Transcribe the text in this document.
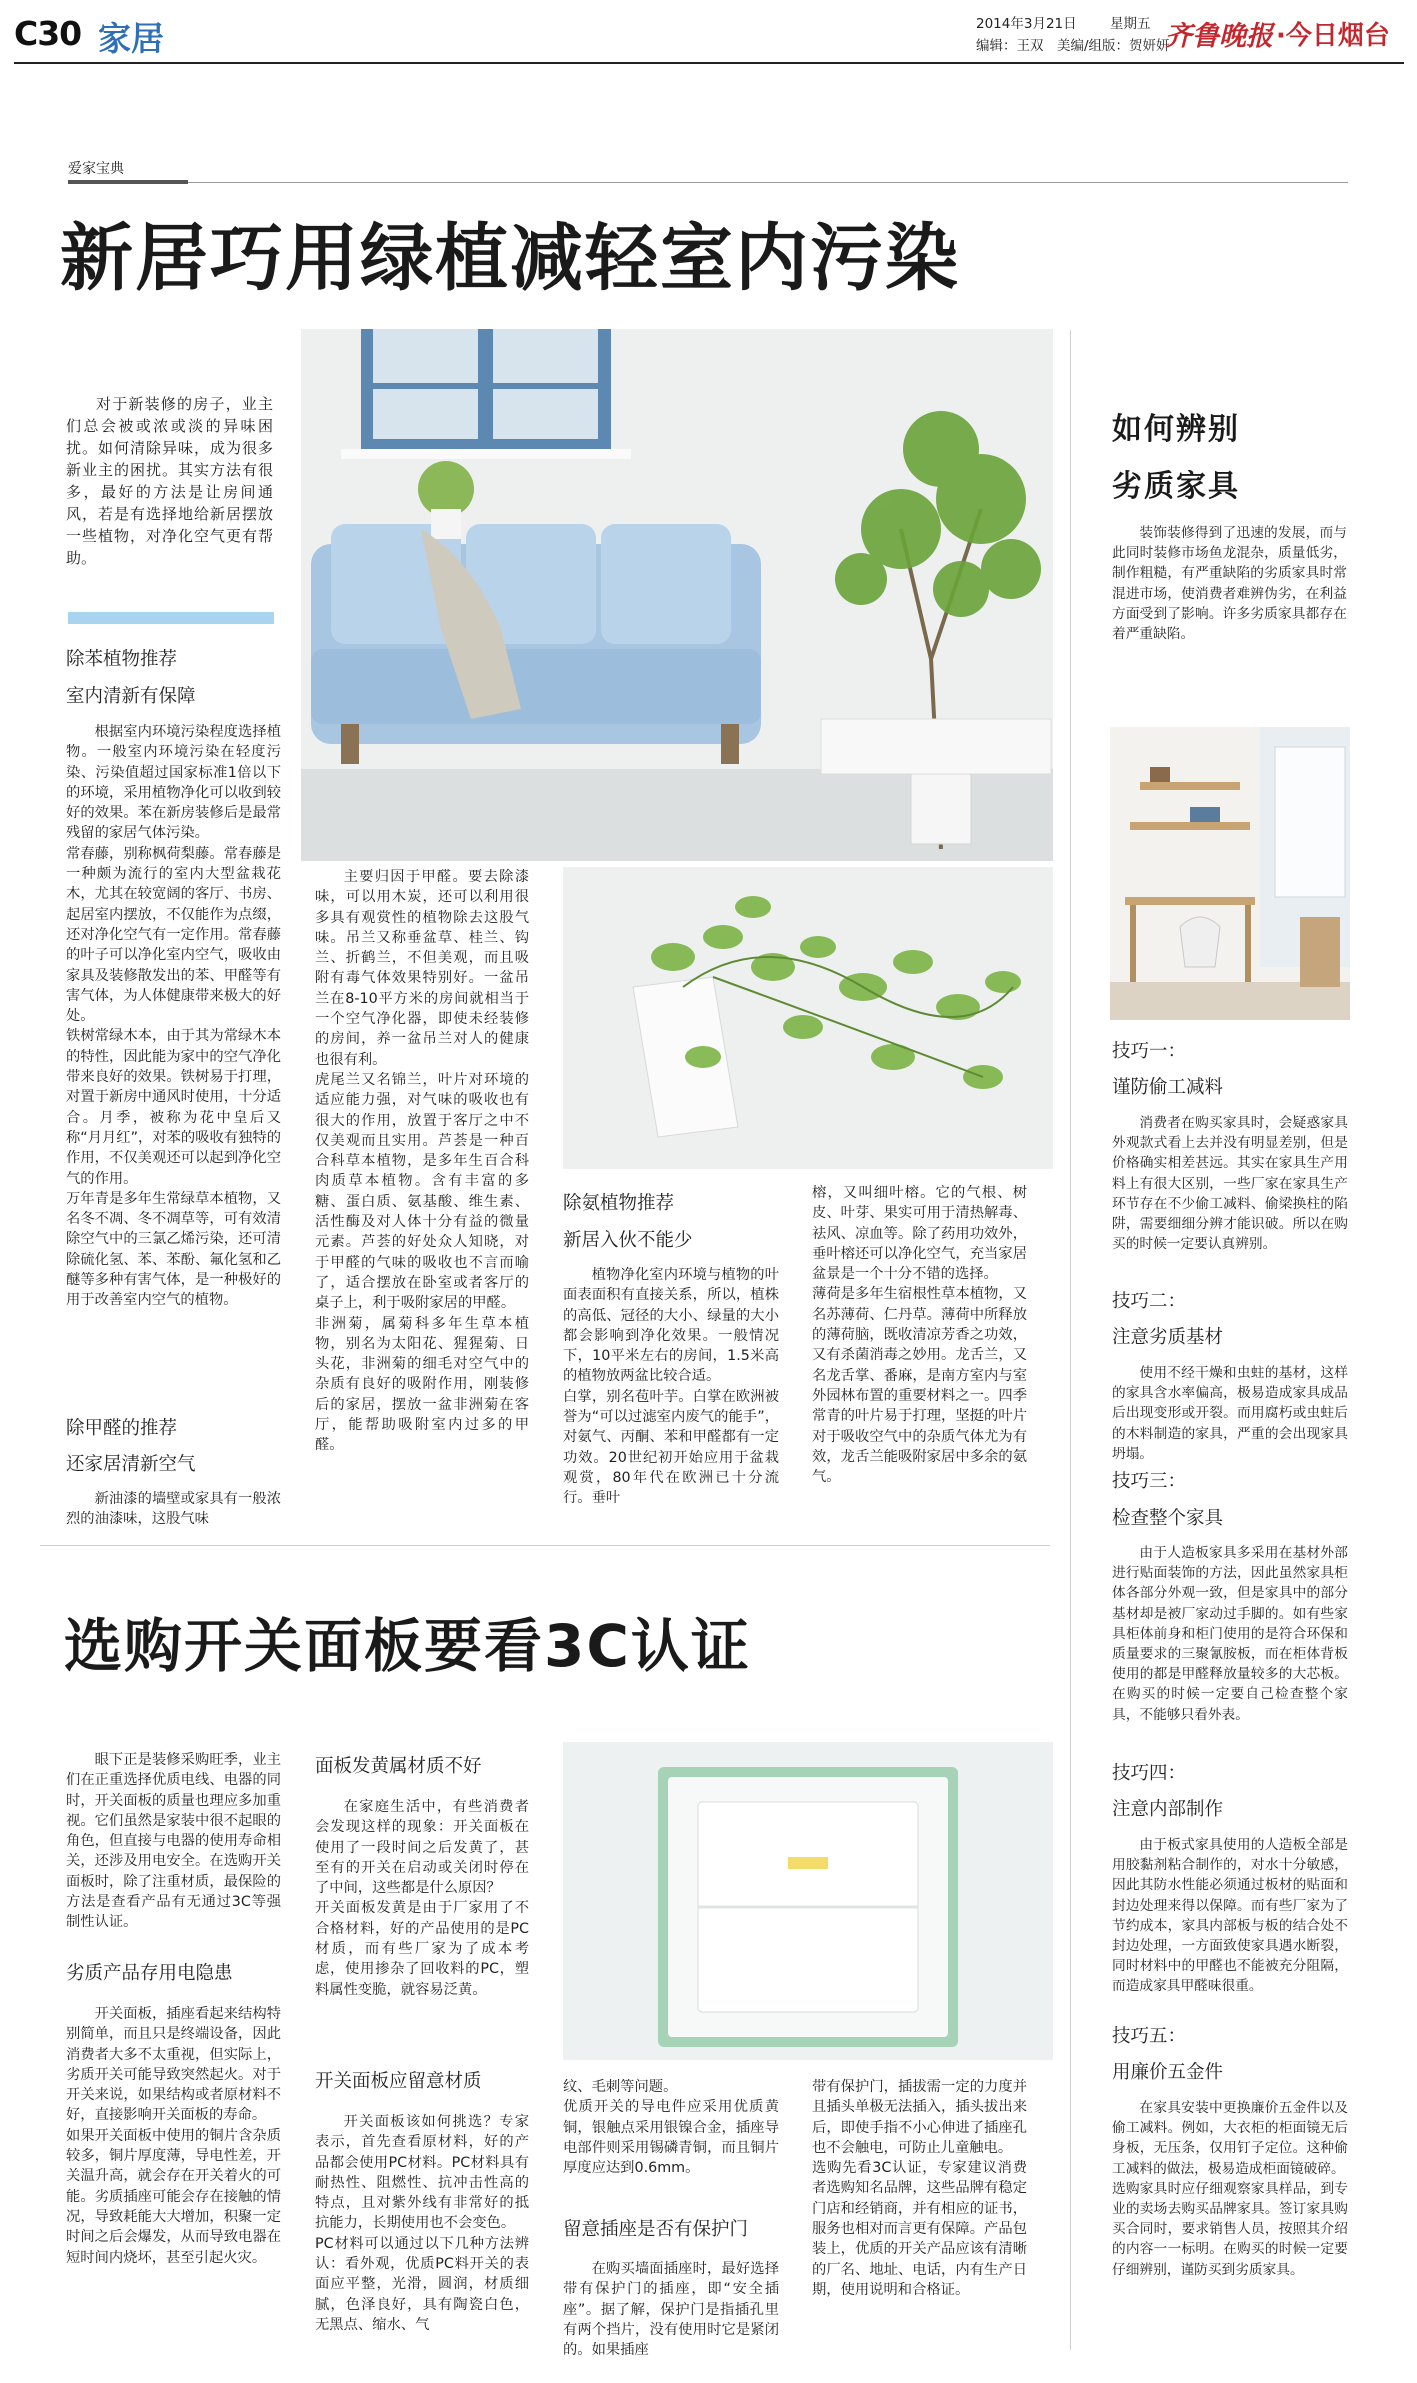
C30 家居	2014年3月21日 星期五
编辑：王双　美编/组版：贺妍妍
齐鲁晚报 ·今日烟台
爱家宝典
新居巧用绿植减轻室内污染
对于新装修的房子，业主们总会被或浓或淡的异味困扰。如何清除异味，成为很多新业主的困扰。其实方法有很多，最好的方法是让房间通风，若是有选择地给新居摆放一些植物，对净化空气更有帮助。
除苯植物推荐
室内清新有保障
根据室内环境污染程度选择植物。一般室内环境污染在轻度污染、污染值超过国家标准1倍以下的环境，采用植物净化可以收到较好的效果。苯在新房装修后是最常残留的家居气体污染。
常春藤，别称枫荷梨藤。常春藤是一种颇为流行的室内大型盆栽花木，尤其在较宽阔的客厅、书房、起居室内摆放，不仅能作为点缀，还对净化空气有一定作用。常春藤的叶子可以净化室内空气，吸收由家具及装修散发出的苯、甲醛等有害气体，为人体健康带来极大的好处。
铁树常绿木本，由于其为常绿木本的特性，因此能为家中的空气净化带来良好的效果。铁树易于打理，对置于新房中通风时使用，十分适合。月季，被称为花中皇后又称“月月红”，对苯的吸收有独特的作用，不仅美观还可以起到净化空气的作用。
万年青是多年生常绿草本植物，又名冬不凋、冬不凋草等，可有效清除空气中的三氯乙烯污染，还可清除硫化氢、苯、苯酚、氟化氢和乙醚等多种有害气体，是一种极好的用于改善室内空气的植物。
除甲醛的推荐
还家居清新空气
新油漆的墙壁或家具有一般浓烈的油漆味，这股气味
主要归因于甲醛。要去除漆味，可以用木炭，还可以利用很多具有观赏性的植物除去这股气味。吊兰又称垂盆草、桂兰、钩兰、折鹤兰，不但美观，而且吸附有毒气体效果特别好。一盆吊兰在8-10平方米的房间就相当于一个空气净化器，即使未经装修的房间，养一盆吊兰对人的健康也很有利。
虎尾兰又名锦兰，叶片对环境的适应能力强，对气味的吸收也有很大的作用，放置于客厅之中不仅美观而且实用。芦荟是一种百合科草本植物，是多年生百合科肉质草本植物。含有丰富的多糖、蛋白质、氨基酸、维生素、活性酶及对人体十分有益的微量元素。芦荟的好处众人知晓，对于甲醛的气味的吸收也不言而喻了，适合摆放在卧室或者客厅的桌子上，利于吸附家居的甲醛。
非洲菊，属菊科多年生草本植物，别名为太阳花、猩猩菊、日头花，非洲菊的细毛对空气中的杂质有良好的吸附作用，刚装修后的家居，摆放一盆非洲菊在客厅，能帮助吸附室内过多的甲醛。
除氨植物推荐
新居入伙不能少
植物净化室内环境与植物的叶面表面积有直接关系，所以，植株的高低、冠径的大小、绿量的大小都会影响到净化效果。一般情况下，10平米左右的房间，1.5米高的植物放两盆比较合适。
白掌，别名苞叶芋。白掌在欧洲被誉为“可以过滤室内废气的能手”，对氨气、丙酮、苯和甲醛都有一定功效。20世纪初开始应用于盆栽观赏，80年代在欧洲已十分流行。垂叶
榕，又叫细叶榕。它的气根、树皮、叶芽、果实可用于清热解毒、祛风、凉血等。除了药用功效外，垂叶榕还可以净化空气，充当家居盆景是一个十分不错的选择。
薄荷是多年生宿根性草本植物，又名苏薄荷、仁丹草。薄荷中所释放的薄荷脑，既收清凉芳香之功效，又有杀菌消毒之妙用。龙舌兰，又名龙舌掌、番麻，是南方室内与室外园林布置的重要材料之一。四季常青的叶片易于打理，坚挺的叶片对于吸收空气中的杂质气体尤为有效，龙舌兰能吸附家居中多余的氨气。
如何辨别
劣质家具
装饰装修得到了迅速的发展，而与此同时装修市场鱼龙混杂，质量低劣，制作粗糙，有严重缺陷的劣质家具时常混进市场，使消费者难辨伪劣，在利益方面受到了影响。许多劣质家具都存在着严重缺陷。
技巧一：
谨防偷工减料
消费者在购买家具时，会疑惑家具外观款式看上去并没有明显差别，但是价格确实相差甚远。其实在家具生产用料上有很大区别，一些厂家在家具生产环节存在不少偷工减料、偷梁换柱的陷阱，需要细细分辨才能识破。所以在购买的时候一定要认真辨别。
技巧二：
注意劣质基材
使用不经干燥和虫蛀的基材，这样的家具含水率偏高，极易造成家具成品后出现变形或开裂。而用腐朽或虫蛀后的木料制造的家具，严重的会出现家具坍塌。
技巧三：
检查整个家具
由于人造板家具多采用在基材外部进行贴面装饰的方法，因此虽然家具柜体各部分外观一致，但是家具中的部分基材却是被厂家动过手脚的。如有些家具柜体前身和柜门使用的是符合环保和质量要求的三聚氰胺板，而在柜体背板使用的都是甲醛释放量较多的大芯板。在购买的时候一定要自己检查整个家具，不能够只看外表。
技巧四：
注意内部制作
由于板式家具使用的人造板全部是用胶黏剂粘合制作的，对水十分敏感，因此其防水性能必须通过板材的贴面和封边处理来得以保障。而有些厂家为了节约成本，家具内部板与板的结合处不封边处理，一方面致使家具遇水断裂，同时材料中的甲醛也不能被充分阻隔，而造成家具甲醛味很重。
技巧五：
用廉价五金件
在家具安装中更换廉价五金件以及偷工减料。例如，大衣柜的柜面镜无后身板，无压条，仅用钉子定位。这种偷工减料的做法，极易造成柜面镜破碎。
选购家具时应仔细观察家具样品，到专业的卖场去购买品牌家具。签订家具购买合同时，要求销售人员，按照其介绍的内容一一标明。在购买的时候一定要仔细辨别，谨防买到劣质家具。
选购开关面板要看3C认证
眼下正是装修采购旺季，业主们在正重选择优质电线、电器的同时，开关面板的质量也理应多加重视。它们虽然是家装中很不起眼的角色，但直接与电器的使用寿命相关，还涉及用电安全。在选购开关面板时，除了注重材质，最保险的方法是查看产品有无通过3C等强制性认证。
劣质产品存用电隐患
开关面板，插座看起来结构特别简单，而且只是终端设备，因此消费者大多不太重视，但实际上，劣质开关可能导致突然起火。对于开关来说，如果结构或者原材料不好，直接影响开关面板的寿命。
如果开关面板中使用的铜片含杂质较多，铜片厚度薄，导电性差，开关温升高，就会存在开关着火的可能。劣质插座可能会存在接触的情况，导致耗能大大增加，积聚一定时间之后会爆发，从而导致电器在短时间内烧坏，甚至引起火灾。
面板发黄属材质不好
在家庭生活中，有些消费者会发现这样的现象：开关面板在使用了一段时间之后发黄了，甚至有的开关在启动或关闭时停在了中间，这些都是什么原因？
开关面板发黄是由于厂家用了不合格材料，好的产品使用的是PC材质，而有些厂家为了成本考虑，使用掺杂了回收料的PC，塑料属性变脆，就容易泛黄。
开关面板应留意材质
开关面板该如何挑选？专家表示，首先查看原材料，好的产品都会使用PC材料。PC材料具有耐热性、阻燃性、抗冲击性高的特点，且对紫外线有非常好的抵抗能力，长期使用也不会变色。
PC材料可以通过以下几种方法辨认：看外观，优质PC料开关的表面应平整，光滑，圆润，材质细腻，色泽良好，具有陶瓷白色，无黑点、缩水、气
纹、毛刺等问题。
优质开关的导电件应采用优质黄铜，银触点采用银镍合金，插座导电部件则采用锡磷青铜，而且铜片厚度应达到0.6mm。
留意插座是否有保护门
在购买墙面插座时，最好选择带有保护门的插座，即“安全插座”。据了解，保护门是指插孔里有两个挡片，没有使用时它是紧闭的。如果插座
带有保护门，插拔需一定的力度并且插头单极无法插入，插头拔出来后，即使手指不小心伸进了插座孔也不会触电，可防止儿童触电。
选购先看3C认证，专家建议消费者选购知名品牌，这些品牌有稳定门店和经销商，并有相应的证书，服务也相对而言更有保障。产品包装上，优质的开关产品应该有清晰的厂名、地址、电话，内有生产日期，使用说明和合格证。
